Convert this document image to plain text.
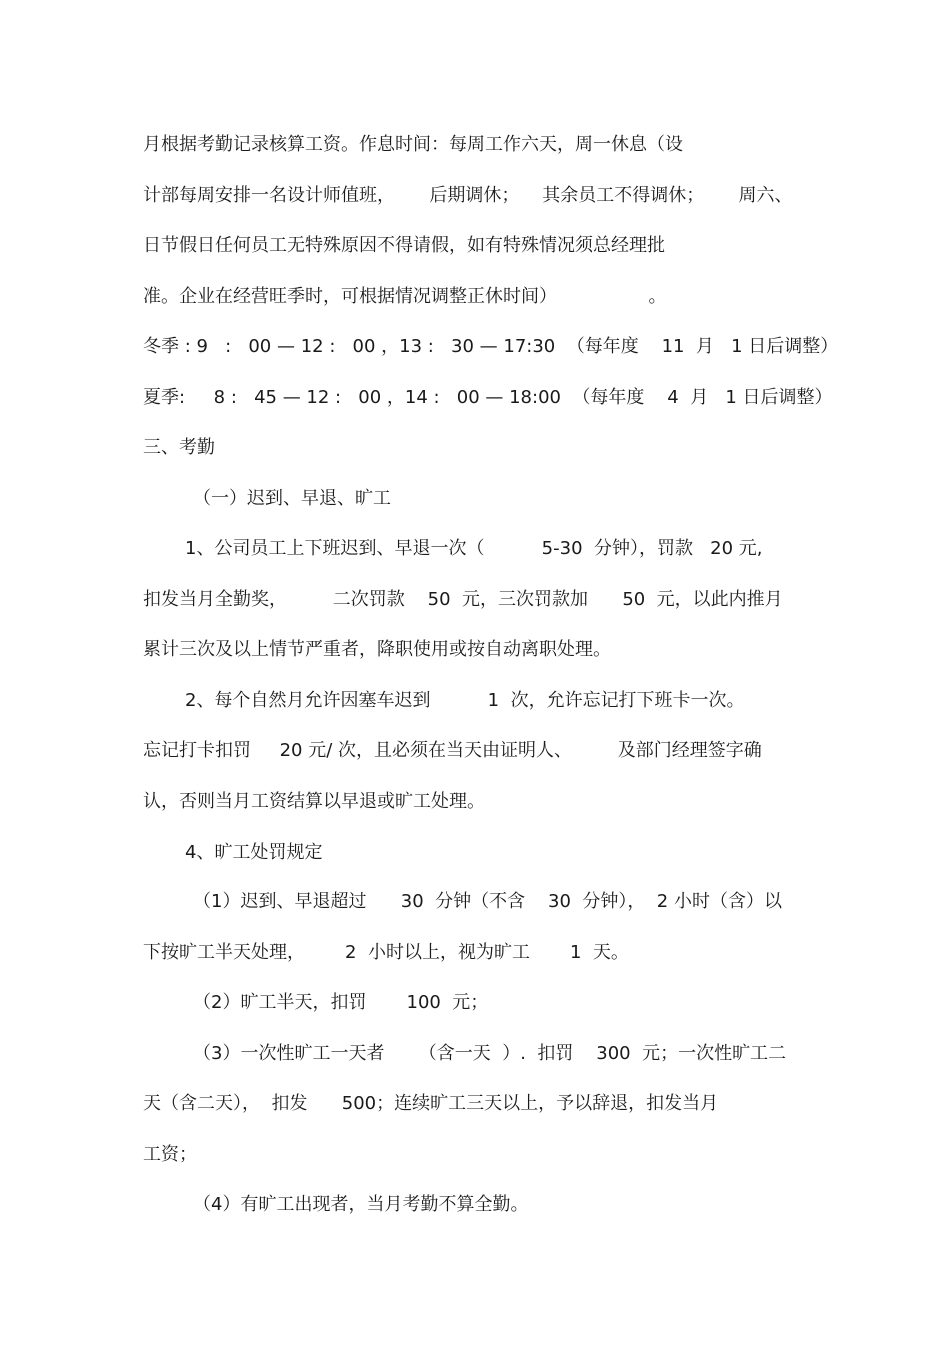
月根据考勤记录核算工资。作息时间：每周工作六天，周一休息（设
计部每周安排一名设计师值班，      后期调休；    其余员工不得调休；      周六、
日节假日任何员工无特殊原因不得请假，如有特殊情况须总经理批
准。企业在经营旺季时，可根据情况调整正休时间）                。
冬季 : 9   :   00 — 12 :   00 ，13 :   30 — 17:30  （每年度    11  月   1 日后调整）
夏季:     8 :   45 — 12 :   00 ，14 :   00 — 18:00  （每年度    4  月   1 日后调整）
三、考勤
（一）迟到、早退、旷工
1、公司员工上下班迟到、早退一次（          5-30  分钟），罚款   20 元,
扣发当月全勤奖，        二次罚款    50  元，三次罚款加      50  元，以此内推月
累计三次及以上情节严重者，降职使用或按自动离职处理。
2、每个自然月允许因塞车迟到          1  次，允许忘记打下班卡一次。
忘记打卡扣罚     20 元/ 次，且必须在当天由证明人、        及部门经理签字确
认，否则当月工资结算以早退或旷工处理。
4、旷工处罚规定
（1）迟到、早退超过      30  分钟（不含    30  分钟），  2 小时（含）以
下按旷工半天处理，       2  小时以上，视为旷工       1  天。
（2）旷工半天，扣罚       100  元；
（3）一次性旷工一天者      （含一天  ）.  扣罚    300  元；一次性旷工二
天（含二天），  扣发      500；连续旷工三天以上，予以辞退，扣发当月
工资；
（4）有旷工出现者，当月考勤不算全勤。
